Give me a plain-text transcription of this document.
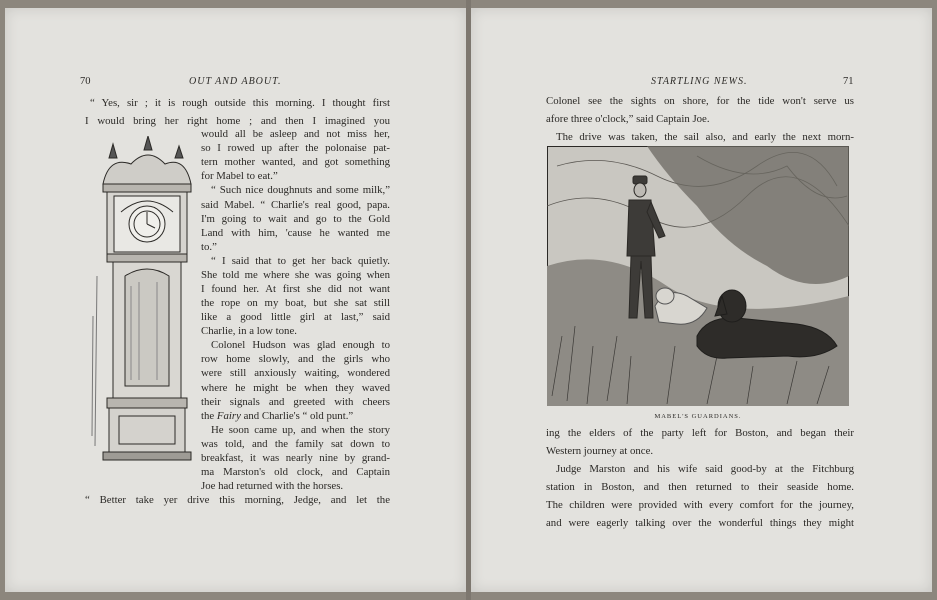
70	OUT AND ABOUT.
“ Yes, sir ; it is rough outside this morning. I thought first
I would bring her right home ; and then I imagined you
would all be asleep and not miss her,
so I rowed up after the polonaise pat-
tern mother wanted, and got something
for Mabel to eat.”
“ Such nice doughnuts and some milk,”
said Mabel. “ Charlie's real good, papa.
I'm going to wait and go to the Gold
Land with him, 'cause he wanted me
to.”
“ I said that to get her back quietly.
She told me where she was going when
I found her. At first she did not want
the rope on my boat, but she sat still
like a good little girl at last,” said
Charlie, in a low tone.
Colonel Hudson was glad enough to
row home slowly, and the girls who
were still anxiously waiting, wondered
where he might be when they waved
their signals and greeted with cheers
the Fairy and Charlie's “ old punt.”
He soon came up, and when the story
was told, and the family sat down to
breakfast, it was nearly nine by grand-
ma Marston's old clock, and Captain
Joe had returned with the horses.
“ Better take yer drive this morning, Jedge, and let the
STARTLING NEWS.	71
Colonel see the sights on shore, for the tide won't serve us
afore three o'clock,” said Captain Joe.
The drive was taken, the sail also, and early the next morn-
MABEL'S GUARDIANS.
ing the elders of the party left for Boston, and began their
Western journey at once.
Judge Marston and his wife said good-by at the Fitchburg
station in Boston, and then returned to their seaside home.
The children were provided with every comfort for the journey,
and were eagerly talking over the wonderful things they might
